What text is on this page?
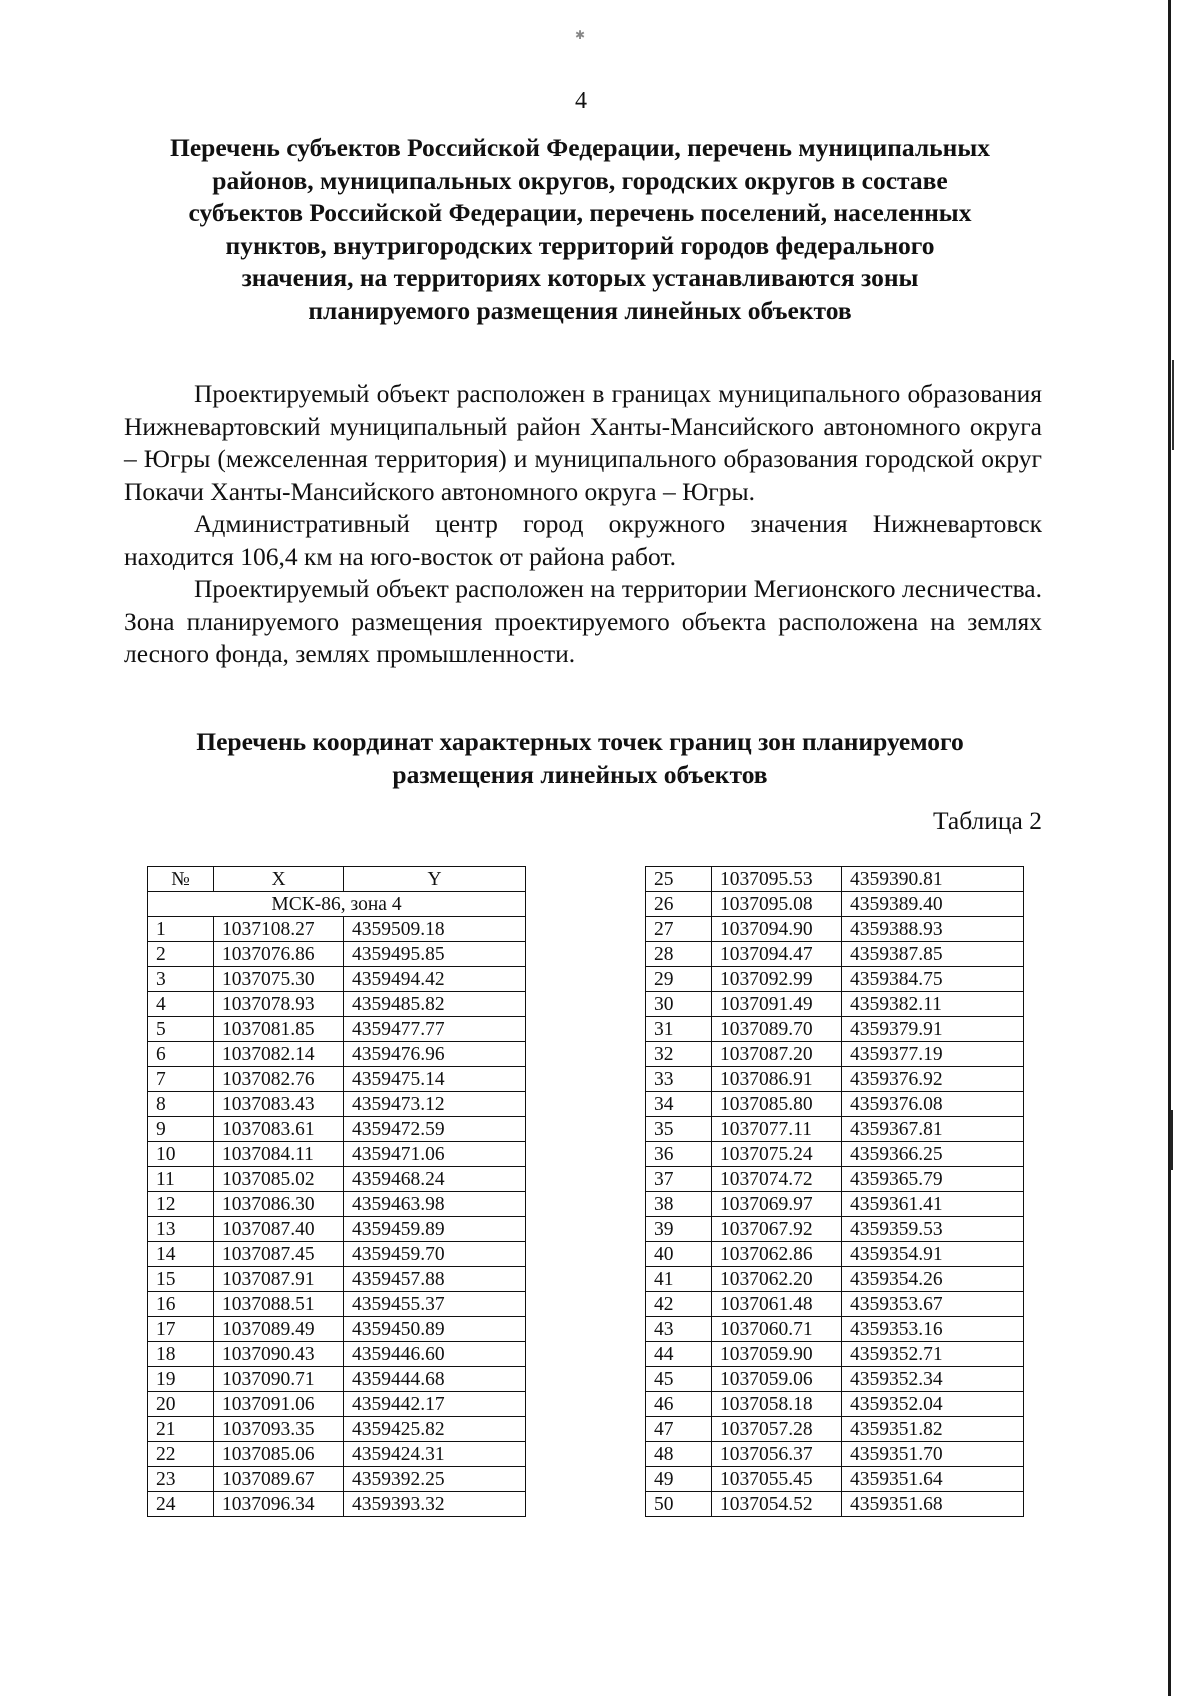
✱
4
Перечень субъектов Российской Федерации, перечень муниципальных районов, муниципальных округов, городских округов в составе субъектов Российской Федерации, перечень поселений, населенных пунктов, внутригородских территорий городов федерального значения, на территориях которых устанавливаются зоны планируемого размещения линейных объектов

Проектируемый объект расположен в границах муниципального образования Нижневартовский муниципальный район Ханты-Мансийского автономного округа – Югры (межселенная территория) и муниципального образования городской округ Покачи Ханты-Мансийского автономного округа – Югры.

Административный центр город окружного значения Нижневартовск находится 106,4 км на юго-восток от района работ.

Проектируемый объект расположен на территории Мегионского лесничества. Зона планируемого размещения проектируемого объекта расположена на землях лесного фонда, землях промышленности.

Перечень координат характерных точек границ зон планируемого размещения линейных объектов
Таблица 2
№	X	Y
МСК-86, зона 4		
1	1037108.27	4359509.18
2	1037076.86	4359495.85
3	1037075.30	4359494.42
4	1037078.93	4359485.82
5	1037081.85	4359477.77
6	1037082.14	4359476.96
7	1037082.76	4359475.14
8	1037083.43	4359473.12
9	1037083.61	4359472.59
10	1037084.11	4359471.06
11	1037085.02	4359468.24
12	1037086.30	4359463.98
13	1037087.40	4359459.89
14	1037087.45	4359459.70
15	1037087.91	4359457.88
16	1037088.51	4359455.37
17	1037089.49	4359450.89
18	1037090.43	4359446.60
19	1037090.71	4359444.68
20	1037091.06	4359442.17
21	1037093.35	4359425.82
22	1037085.06	4359424.31
23	1037089.67	4359392.25
24	1037096.34	4359393.32
25	1037095.53	4359390.81
26	1037095.08	4359389.40
27	1037094.90	4359388.93
28	1037094.47	4359387.85
29	1037092.99	4359384.75
30	1037091.49	4359382.11
31	1037089.70	4359379.91
32	1037087.20	4359377.19
33	1037086.91	4359376.92
34	1037085.80	4359376.08
35	1037077.11	4359367.81
36	1037075.24	4359366.25
37	1037074.72	4359365.79
38	1037069.97	4359361.41
39	1037067.92	4359359.53
40	1037062.86	4359354.91
41	1037062.20	4359354.26
42	1037061.48	4359353.67
43	1037060.71	4359353.16
44	1037059.90	4359352.71
45	1037059.06	4359352.34
46	1037058.18	4359352.04
47	1037057.28	4359351.82
48	1037056.37	4359351.70
49	1037055.45	4359351.64
50	1037054.52	4359351.68
